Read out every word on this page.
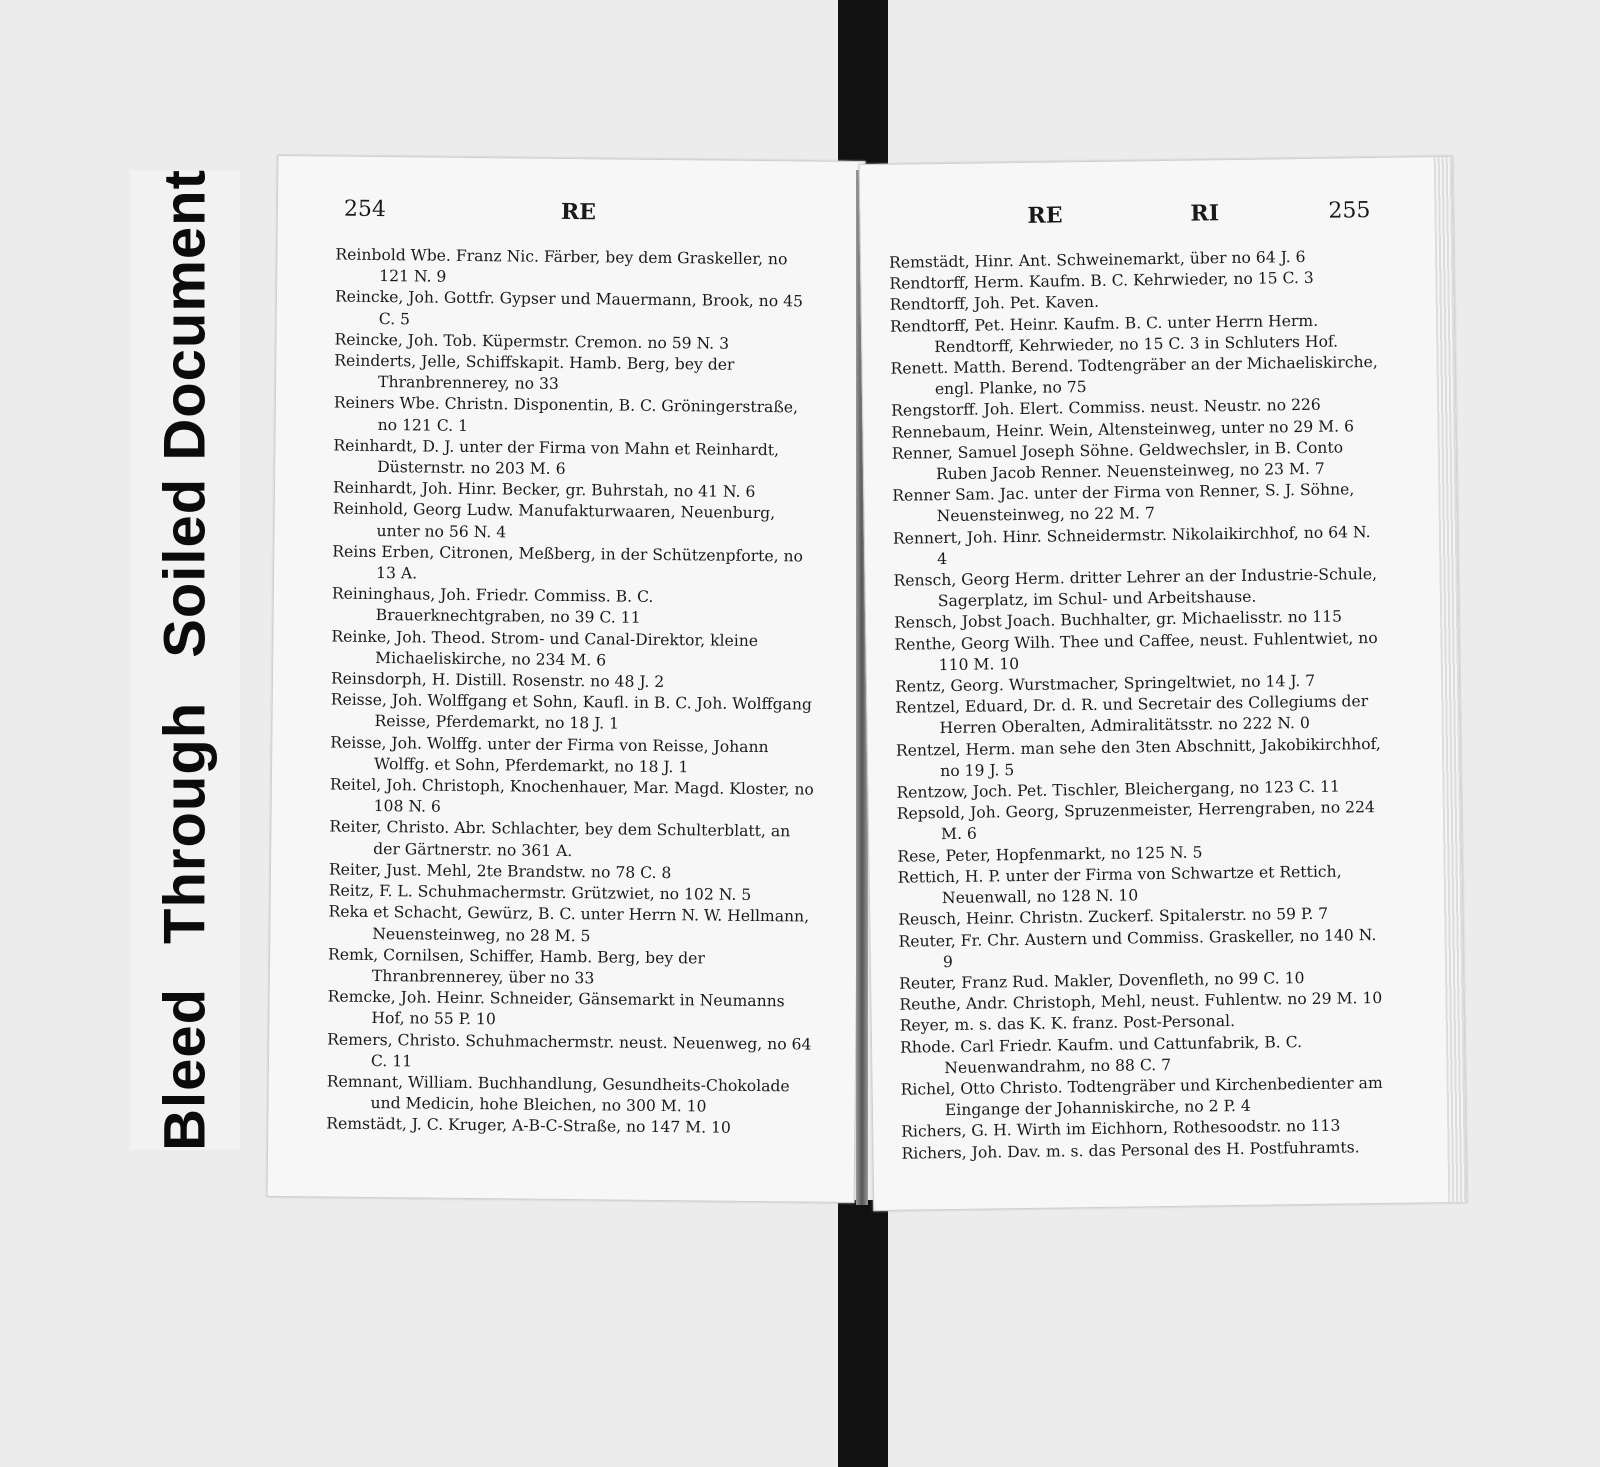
BleedThroughSoiled Document	254	RE

Reinbold Wbe. Franz Nic. Färber, bey dem Graskeller, no 121 N. 9

Reincke, Joh. Gottfr. Gypser und Mauermann, Brook, no 45 C. 5

Reincke, Joh. Tob. Küpermstr. Cremon. no 59 N. 3

Reinderts, Jelle, Schiffskapit. Hamb. Berg, bey der Thranbrennerey, no 33

Reiners Wbe. Christn. Disponentin, B. C. Gröningerstraße, no 121 C. 1

Reinhardt, D. J. unter der Firma von Mahn et Reinhardt, Düsternstr. no 203 M. 6

Reinhardt, Joh. Hinr. Becker, gr. Buhrstah, no 41 N. 6

Reinhold, Georg Ludw. Manufakturwaaren, Neuenburg, unter no 56 N. 4

Reins Erben, Citronen, Meßberg, in der Schützenpforte, no 13 A.

Reininghaus, Joh. Friedr. Commiss. B. C. Brauerknechtgraben, no 39 C. 11

Reinke, Joh. Theod. Strom- und Canal-Direktor, kleine Michaeliskirche, no 234 M. 6

Reinsdorph, H. Distill. Rosenstr. no 48 J. 2

Reisse, Joh. Wolffgang et Sohn, Kaufl. in B. C. Joh. Wolffgang Reisse, Pferdemarkt, no 18 J. 1

Reisse, Joh. Wolffg. unter der Firma von Reisse, Johann Wolffg. et Sohn, Pferdemarkt, no 18 J. 1

Reitel, Joh. Christoph, Knochenhauer, Mar. Magd. Kloster, no 108 N. 6

Reiter, Christo. Abr. Schlachter, bey dem Schulterblatt, an der Gärtnerstr. no 361 A.

Reiter, Just. Mehl, 2te Brandstw. no 78 C. 8

Reitz, F. L. Schuhmachermstr. Grützwiet, no 102 N. 5

Reka et Schacht, Gewürz, B. C. unter Herrn N. W. Hellmann, Neuensteinweg, no 28 M. 5

Remk, Cornilsen, Schiffer, Hamb. Berg, bey der Thranbrennerey, über no 33

Remcke, Joh. Heinr. Schneider, Gänsemarkt in Neumanns Hof, no 55 P. 10

Remers, Christo. Schuhmachermstr. neust. Neuenweg, no 64 C. 11

Remnant, William. Buchhandlung, Gesundheits-Chokolade und Medicin, hohe Bleichen, no 300 M. 10

Remstädt, J. C. Kruger, A-B-C-Straße, no 147 M. 10

RE	RI	255

Remstädt, Hinr. Ant. Schweinemarkt, über no 64 J. 6

Rendtorff, Herm. Kaufm. B. C. Kehrwieder, no 15 C. 3

Rendtorff, Joh. Pet. Kaven.

Rendtorff, Pet. Heinr. Kaufm. B. C. unter Herrn Herm. Rendtorff, Kehrwieder, no 15 C. 3 in Schluters Hof.

Renett. Matth. Berend. Todtengräber an der Michaeliskirche, engl. Planke, no 75

Rengstorff. Joh. Elert. Commiss. neust. Neustr. no 226

Rennebaum, Heinr. Wein, Altensteinweg, unter no 29 M. 6

Renner, Samuel Joseph Söhne. Geldwechsler, in B. Conto Ruben Jacob Renner. Neuensteinweg, no 23 M. 7

Renner Sam. Jac. unter der Firma von Renner, S. J. Söhne, Neuensteinweg, no 22 M. 7

Rennert, Joh. Hinr. Schneidermstr. Nikolaikirchhof, no 64 N. 4

Rensch, Georg Herm. dritter Lehrer an der Industrie-Schule, Sagerplatz, im Schul- und Arbeitshause.

Rensch, Jobst Joach. Buchhalter, gr. Michaelisstr. no 115

Renthe, Georg Wilh. Thee und Caffee, neust. Fuhlentwiet, no 110 M. 10

Rentz, Georg. Wurstmacher, Springeltwiet, no 14 J. 7

Rentzel, Eduard, Dr. d. R. und Secretair des Collegiums der Herren Oberalten, Admiralitätsstr. no 222 N. 0

Rentzel, Herm. man sehe den 3ten Abschnitt, Jakobikirchhof, no 19 J. 5

Rentzow, Joch. Pet. Tischler, Bleichergang, no 123 C. 11

Repsold, Joh. Georg, Spruzenmeister, Herrengraben, no 224 M. 6

Rese, Peter, Hopfenmarkt, no 125 N. 5

Rettich, H. P. unter der Firma von Schwartze et Rettich, Neuenwall, no 128 N. 10

Reusch, Heinr. Christn. Zuckerf. Spitalerstr. no 59 P. 7

Reuter, Fr. Chr. Austern und Commiss. Graskeller, no 140 N. 9

Reuter, Franz Rud. Makler, Dovenfleth, no 99 C. 10

Reuthe, Andr. Christoph, Mehl, neust. Fuhlentw. no 29 M. 10

Reyer, m. s. das K. K. franz. Post-Personal.

Rhode. Carl Friedr. Kaufm. und Cattunfabrik, B. C. Neuenwandrahm, no 88 C. 7

Richel, Otto Christo. Todtengräber und Kirchenbedienter am Eingange der Johanniskirche, no 2 P. 4

Richers, G. H. Wirth im Eichhorn, Rothesoodstr. no 113

Richers, Joh. Dav. m. s. das Personal des H. Postfuhramts.
